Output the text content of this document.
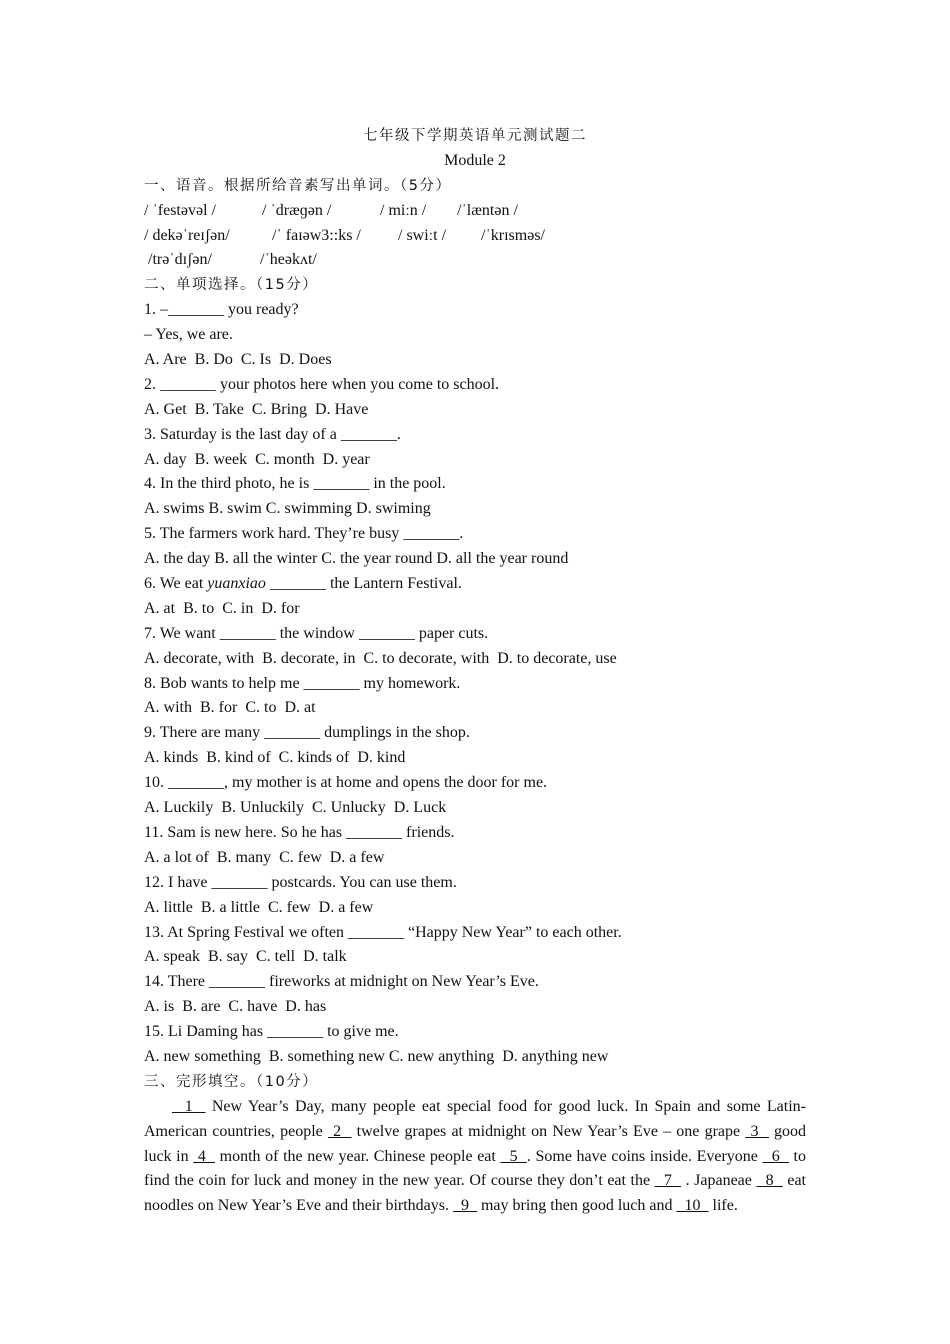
七年级下学期英语单元测试题二
Module 2
一、语音。根据所给音素写出单词。（5分）
/ ˈfestəvəl /	/ ˈdræɡən /	/ miːn / /ˈlæntən /
/ dekəˈreɪʃən/	/ˈ faɪəw3::ks / / swiːt / /ˈkrɪsməs/
/trəˈdɪʃən/	/ˈheəkʌt/
二、单项选择。（15分）
1. –_______ you ready?
– Yes, we are.
A. Are  B. Do  C. Is  D. Does
2. _______ your photos here when you come to school.
A. Get  B. Take  C. Bring  D. Have
3. Saturday is the last day of a _______.
A. day  B. week  C. month  D. year
4. In the third photo, he is _______ in the pool.
A. swims B. swim C. swimming D. swiming
5. The farmers work hard. They’re busy _______.
A. the day B. all the winter C. the year round D. all the year round
6. We eat yuanxiao _______ the Lantern Festival.
A. at  B. to  C. in  D. for
7. We want _______ the window _______ paper cuts.
A. decorate, with  B. decorate, in  C. to decorate, with  D. to decorate, use
8. Bob wants to help me _______ my homework.
A. with  B. for  C. to  D. at
9. There are many _______ dumplings in the shop.
A. kinds  B. kind of  C. kinds of  D. kind
10. _______, my mother is at home and opens the door for me.
A. Luckily  B. Unluckily  C. Unlucky  D. Luck
11. Sam is new here. So he has _______ friends.
A. a lot of  B. many  C. few  D. a few
12. I have _______ postcards. You can use them.
A. little  B. a little  C. few  D. a few
13. At Spring Festival we often _______ “Happy New Year” to each other.
A. speak  B. say  C. tell  D. talk
14. There _______ fireworks at midnight on New Year’s Eve.
A. is  B. are  C. have  D. has
15. Li Daming has _______ to give me.
A. new something  B. something new C. new anything  D. anything new
三、完形填空。（10分）
1   New Year’s Day, many people eat special food for good luck. In Spain and some Latin-American countries, people  2   twelve grapes at midnight on New Year’s Eve – one grape  3   good luck in  4   month of the new year. Chinese people eat   5  . Some have coins inside. Everyone   6   to find the coin for luck and money in the new year. Of course they don’t eat the   7   . Japaneae   8   eat noodles on New Year’s Eve and their birthdays.   9   may bring then good luch and   10   life.
